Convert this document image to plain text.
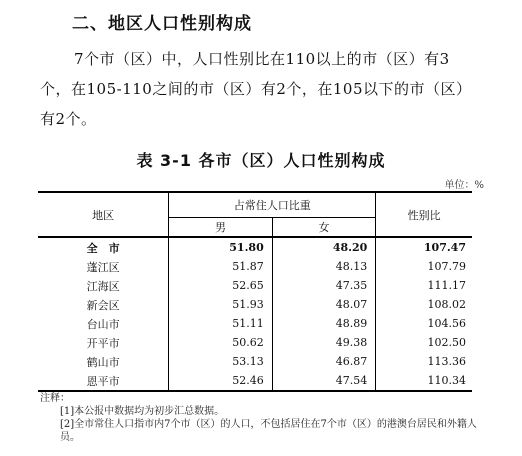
二、地区人口性别构成
7个市（区）中，人口性别比在110以上的市（区）有3个，在105-110之间的市（区）有2个，在105以下的市（区）有2个。
表 3-1 各市（区）人口性别构成
单位：%
地区	占常住人口比重		性别比
	男	女	
全　市	51.80	48.20	107.47
蓬江区	51.87	48.13	107.79
江海区	52.65	47.35	111.17
新会区	51.93	48.07	108.02
台山市	51.11	48.89	104.56
开平市	50.62	49.38	102.50
鹤山市	53.13	46.87	113.36
恩平市	52.46	47.54	110.34
注释：
[1]本公报中数据均为初步汇总数据。
[2]全市常住人口指市内7个市（区）的人口，不包括居住在7个市（区）的港澳台居民和外籍人员。
